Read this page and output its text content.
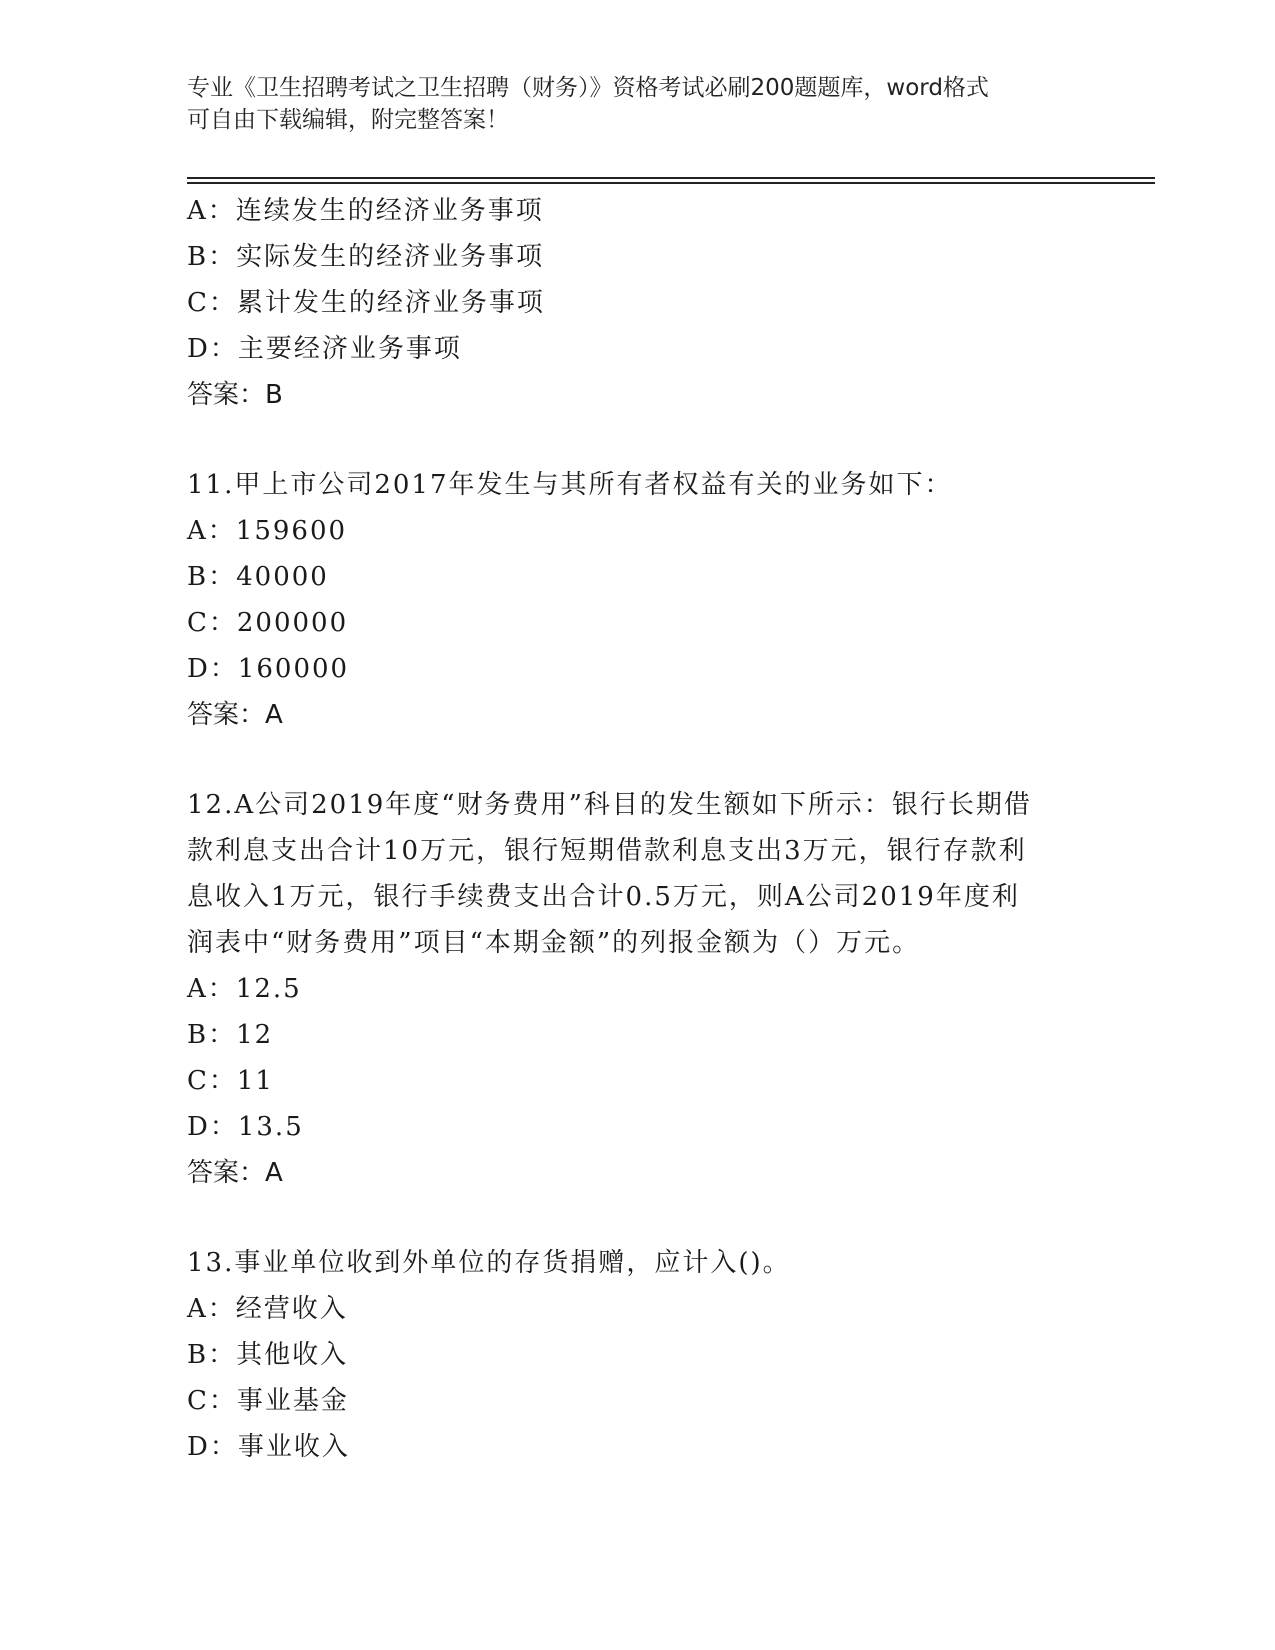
专业《卫生招聘考试之卫生招聘（财务）》资格考试必刷200题题库，word格式
可自由下载编辑，附完整答案！
A：连续发生的经济业务事项
B：实际发生的经济业务事项
C：累计发生的经济业务事项
D：主要经济业务事项
答案：B
11.甲上市公司2017年发生与其所有者权益有关的业务如下：
A：159600
B：40000
C：200000
D：160000
答案：A
12.A公司2019年度“财务费用”科目的发生额如下所示：银行长期借
款利息支出合计10万元，银行短期借款利息支出3万元，银行存款利
息收入1万元，银行手续费支出合计0.5万元，则A公司2019年度利
润表中“财务费用”项目“本期金额”的列报金额为（）万元。
A：12.5
B：12
C：11
D：13.5
答案：A
13.事业单位收到外单位的存货捐赠，应计入()。
A：经营收入
B：其他收入
C：事业基金
D：事业收入
